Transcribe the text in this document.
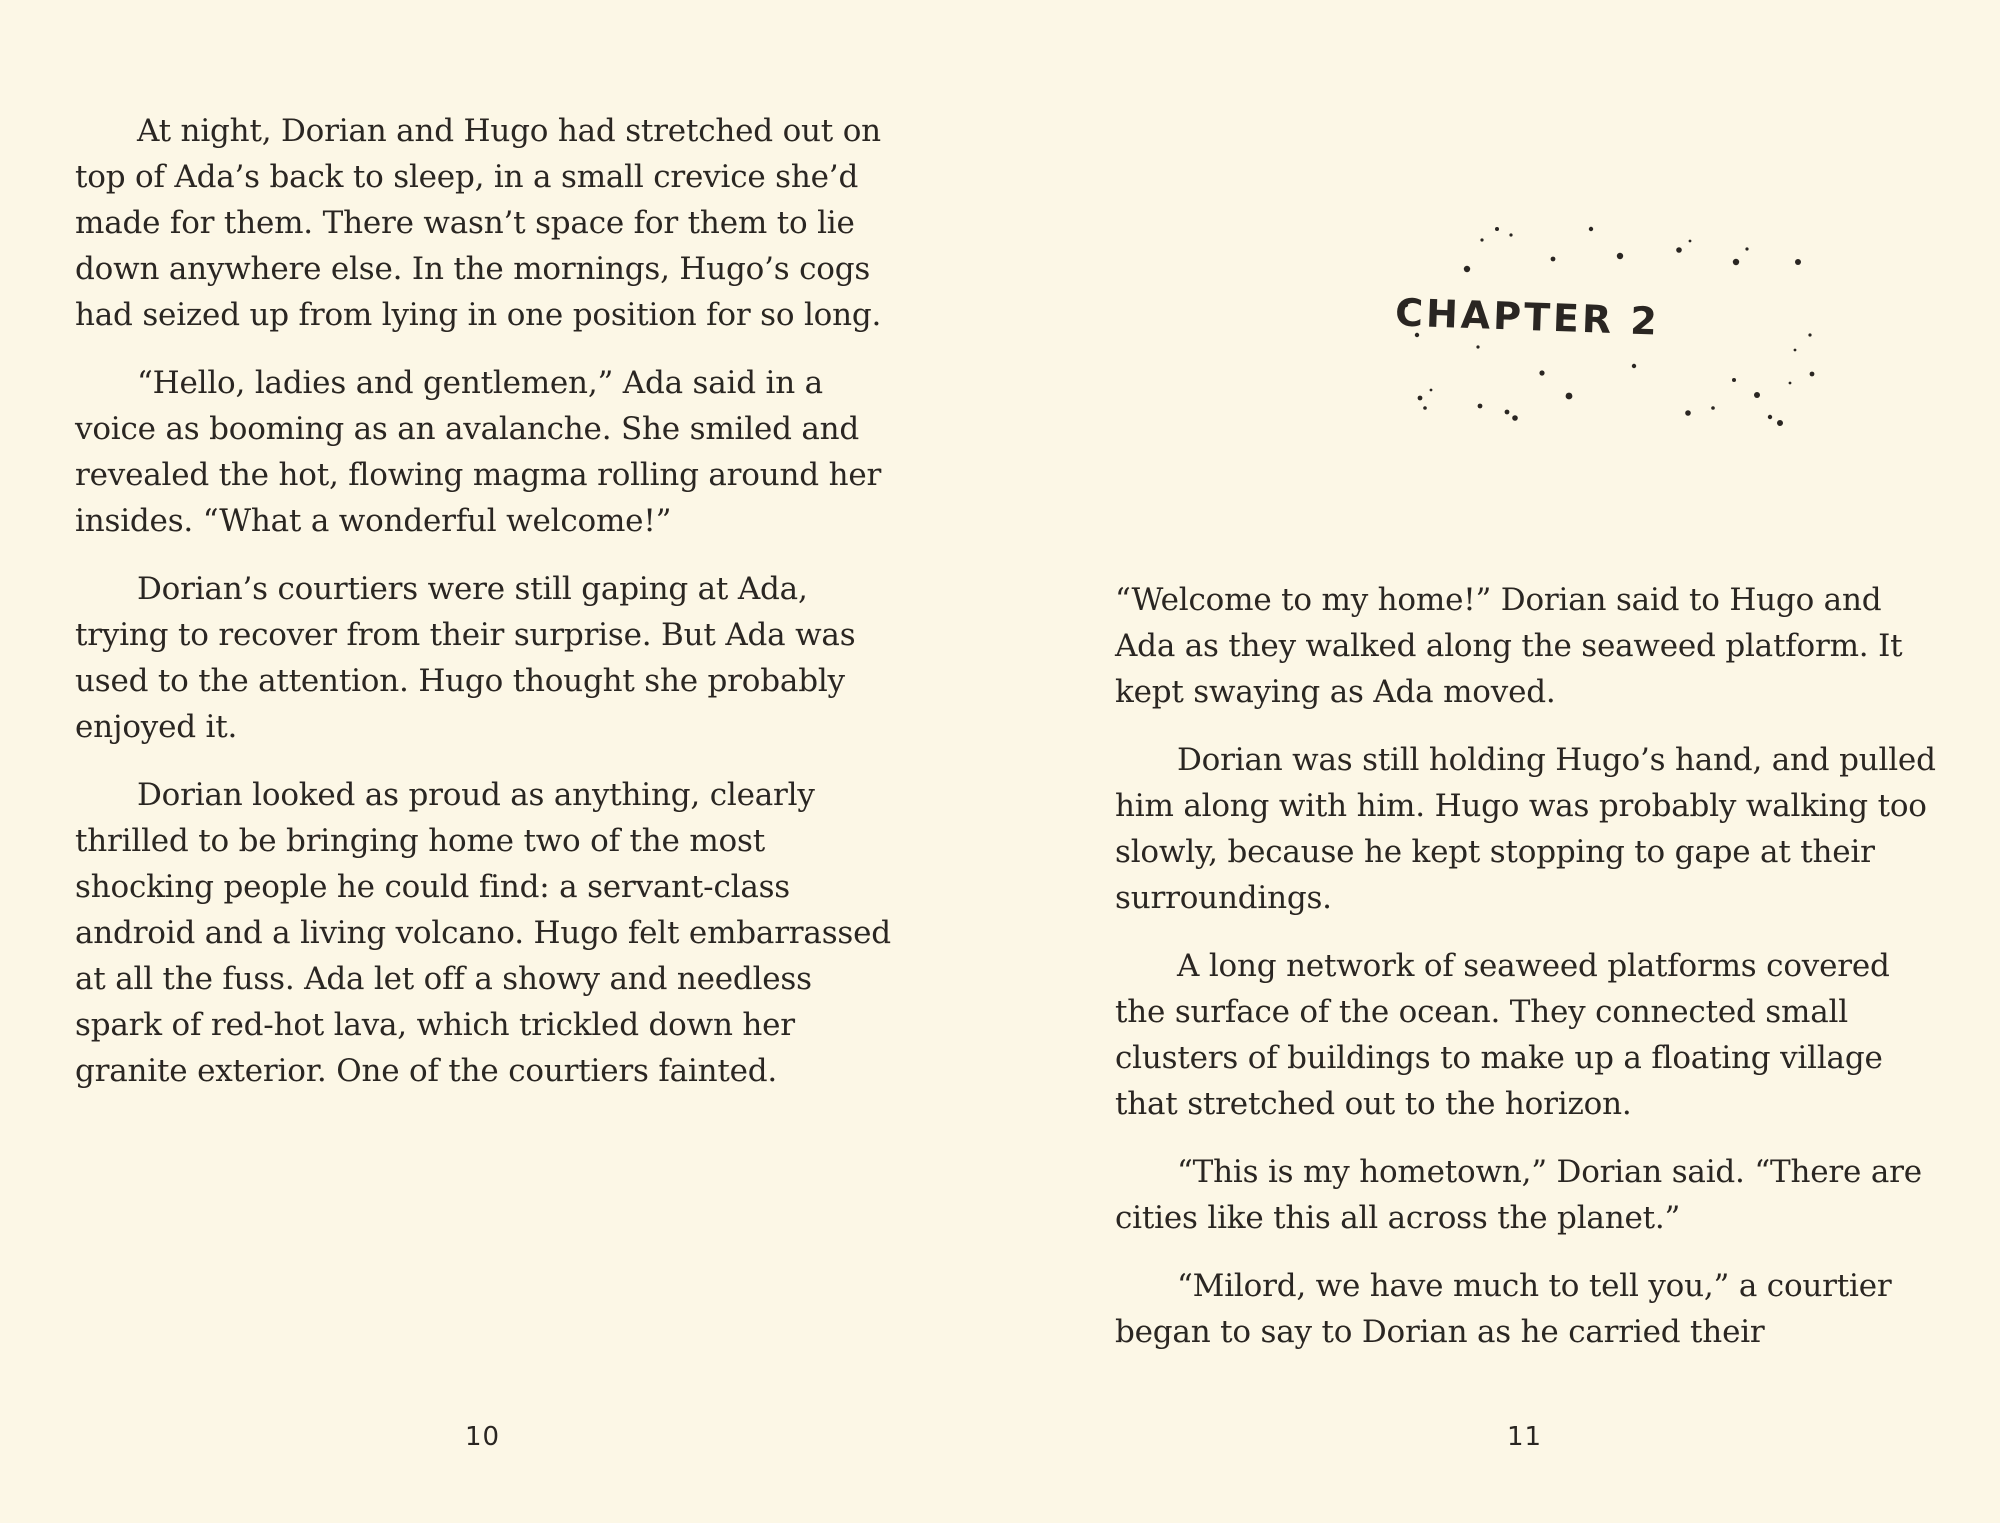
At night, Dorian and Hugo had stretched out on top of Ada’s back to sleep, in a small crevice she’d made for them. There wasn’t space for them to lie down anywhere else. In the mornings, Hugo’s cogs had seized up from lying in one position for so long.

“Hello, ladies and gentlemen,” Ada said in a voice as booming as an avalanche. She smiled and revealed the hot, flowing magma rolling around her insides. “What a wonderful welcome!”

Dorian’s courtiers were still gaping at Ada, trying to recover from their surprise. But Ada was used to the attention. Hugo thought she probably enjoyed it.

Dorian looked as proud as anything, clearly thrilled to be bringing home two of the most shocking people he could find: a servant-class android and a living volcano. Hugo felt embarrassed at all the fuss. Ada let off a showy and needless spark of red-hot lava, which trickled down her granite exterior. One of the courtiers fainted.

10
CHAPTER 2

“Welcome to my home!” Dorian said to Hugo and Ada as they walked along the seaweed platform. It kept swaying as Ada moved.

Dorian was still holding Hugo’s hand, and pulled him along with him. Hugo was probably walking too slowly, because he kept stopping to gape at their surroundings.

A long network of seaweed platforms covered the surface of the ocean. They connected small clusters of buildings to make up a floating village that stretched out to the horizon.

“This is my hometown,” Dorian said. “There are cities like this all across the planet.”

“Milord, we have much to tell you,” a courtier began to say to Dorian as he carried their

11
